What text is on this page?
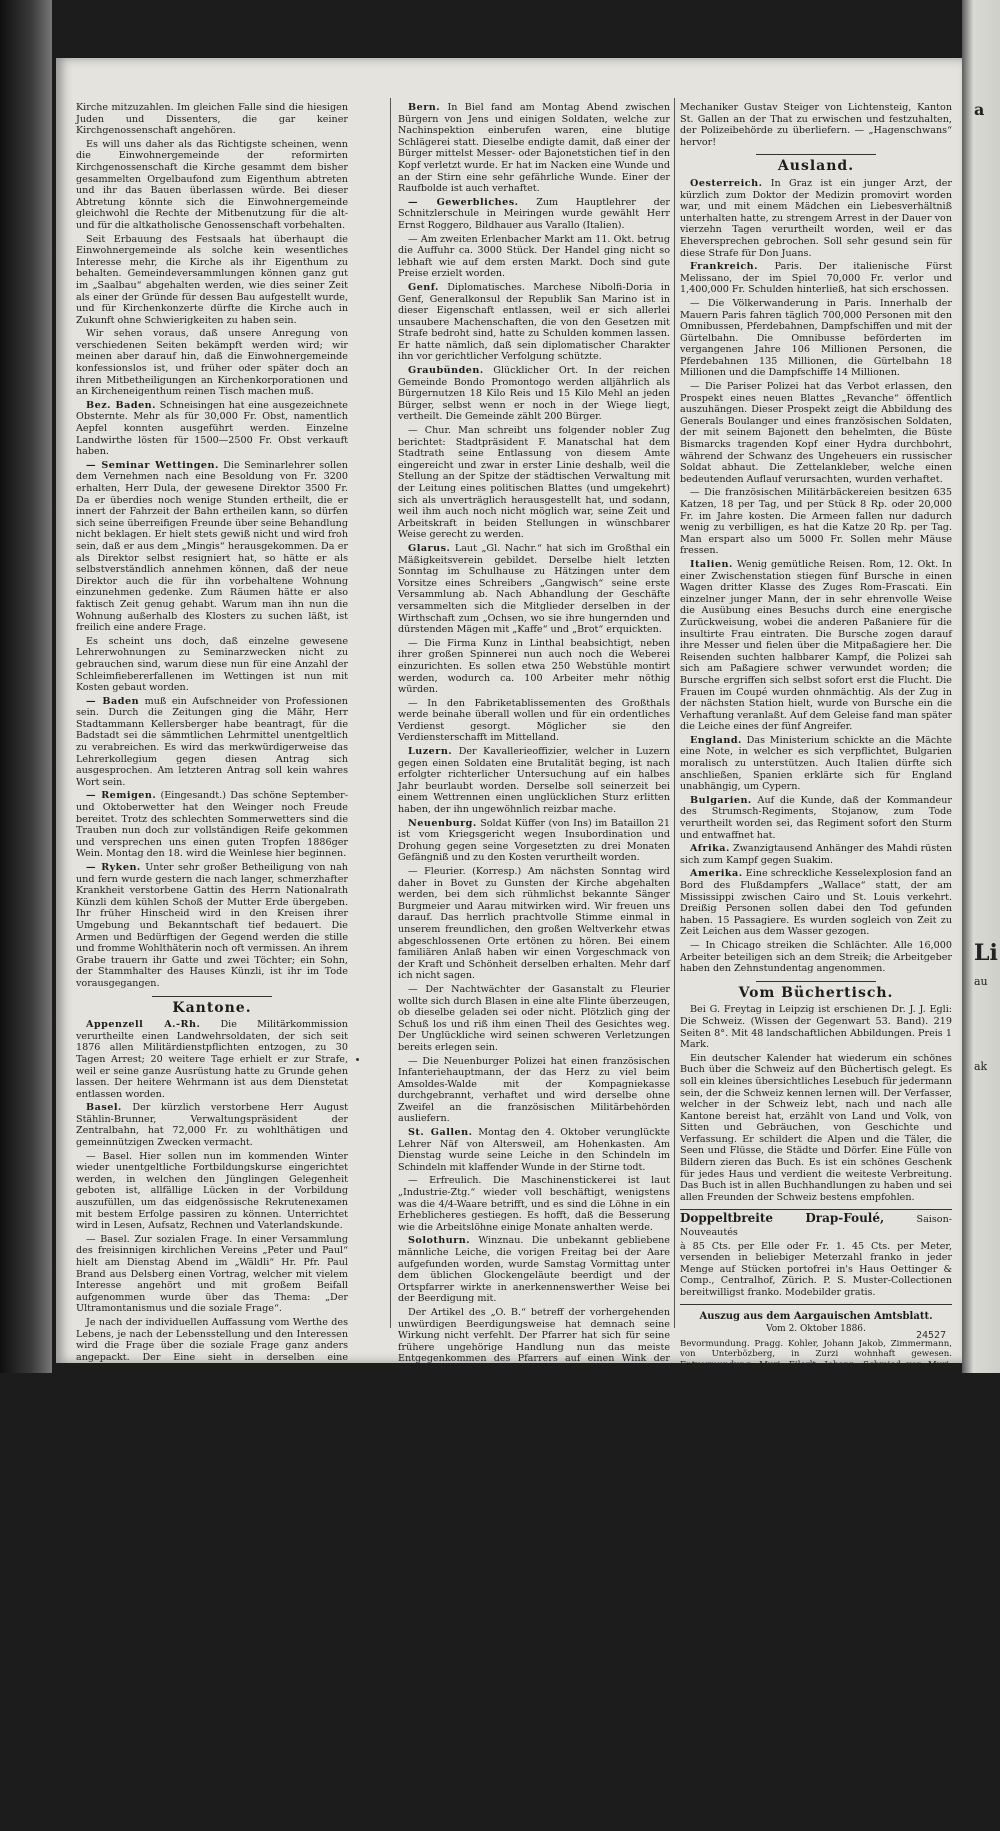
a
Li
au
ak

Kirche mitzuzahlen. Im gleichen Falle sind die hiesigen Juden und Dissenters, die gar keiner Kirchgenossenschaft angehören.

Es will uns daher als das Richtigste scheinen, wenn die Einwohnergemeinde der reformirten Kirchgenossenschaft die Kirche gesammt dem bisher gesammelten Orgelbaufond zum Eigenthum abtreten und ihr das Bauen überlassen würde. Bei dieser Abtretung könnte sich die Einwohnergemeinde gleichwohl die Rechte der Mitbenutzung für die alt- und für die altkatholische Genossenschaft vorbehalten.

Seit Erbauung des Festsaals hat überhaupt die Einwohnergemeinde als solche kein wesentliches Interesse mehr, die Kirche als ihr Eigenthum zu behalten. Gemeindeversammlungen können ganz gut im „Saalbau“ abgehalten werden, wie dies seiner Zeit als einer der Gründe für dessen Bau aufgestellt wurde, und für Kirchenkonzerte dürfte die Kirche auch in Zukunft ohne Schwierigkeiten zu haben sein.

Wir sehen voraus, daß unsere Anregung von verschiedenen Seiten bekämpft werden wird; wir meinen aber darauf hin, daß die Einwohnergemeinde konfessionslos ist, und früher oder später doch an ihren Mitbetheiligungen an Kirchenkorporationen und an Kircheneigenthum reinen Tisch machen muß.

Bez. Baden. Schneisingen hat eine ausgezeichnete Obsternte. Mehr als für 30,000 Fr. Obst, namentlich Aepfel konnten ausgeführt werden. Einzelne Landwirthe lösten für 1500—2500 Fr. Obst verkauft haben.

— Seminar Wettingen. Die Seminarlehrer sollen dem Vernehmen nach eine Besoldung von Fr. 3200 erhalten, Herr Dula, der gewesene Direktor 3500 Fr. Da er überdies noch wenige Stunden ertheilt, die er innert der Fahrzeit der Bahn ertheilen kann, so dürfen sich seine überreifigen Freunde über seine Behandlung nicht beklagen. Er hielt stets gewiß nicht und wird froh sein, daß er aus dem „Mingis“ herausgekommen. Da er als Direktor selbst resigniert hat, so hätte er als selbstverständlich annehmen können, daß der neue Direktor auch die für ihn vorbehaltene Wohnung einzunehmen gedenke. Zum Räumen hätte er also faktisch Zeit genug gehabt. Warum man ihn nun die Wohnung außerhalb des Klosters zu suchen läßt, ist freilich eine andere Frage.

Es scheint uns doch, daß einzelne gewesene Lehrerwohnungen zu Seminarzwecken nicht zu gebrauchen sind, warum diese nun für eine Anzahl der Schleimfiebererfallenen im Wettingen ist nun mit Kosten gebaut worden.

— Baden muß ein Aufschneider von Professionen sein. Durch die Zeitungen ging die Mähr, Herr Stadtammann Kellersberger habe beantragt, für die Badstadt sei die sämmtlichen Lehrmittel unentgeltlich zu verabreichen. Es wird das merkwürdigerweise das Lehrerkollegium gegen diesen Antrag sich ausgesprochen. Am letzteren Antrag soll kein wahres Wort sein.

— Remigen. (Eingesandt.) Das schöne September- und Oktoberwetter hat den Weinger noch Freude bereitet. Trotz des schlechten Sommerwetters sind die Trauben nun doch zur vollständigen Reife gekommen und versprechen uns einen guten Tropfen 1886ger Wein. Montag den 18. wird die Weinlese hier beginnen.

— Ryken. Unter sehr großer Betheiligung von nah und fern wurde gestern die nach langer, schmerzhafter Krankheit verstorbene Gattin des Herrn Nationalrath Künzli dem kühlen Schoß der Mutter Erde übergeben. Ihr früher Hinscheid wird in den Kreisen ihrer Umgebung und Bekanntschaft tief bedauert. Die Armen und Bedürftigen der Gegend werden die stille und fromme Wohlthäterin noch oft vermissen. An ihrem Grabe trauern ihr Gatte und zwei Töchter; ein Sohn, der Stammhalter des Hauses Künzli, ist ihr im Tode vorausgegangen.

Kantone.

Appenzell A.-Rh. Die Militärkommission verurtheilte einen Landwehrsoldaten, der sich seit 1876 allen Militärdienstpflichten entzogen, zu 30 Tagen Arrest; 20 weitere Tage erhielt er zur Strafe, weil er seine ganze Ausrüstung hatte zu Grunde gehen lassen. Der heitere Wehrmann ist aus dem Dienstetat entlassen worden.

Basel. Der kürzlich verstorbene Herr August Stählin-Brunner, Verwaltungspräsident der Zentralbahn, hat 72,000 Fr. zu wohlthätigen und gemeinnützigen Zwecken vermacht.

— Basel. Hier sollen nun im kommenden Winter wieder unentgeltliche Fortbildungskurse eingerichtet werden, in welchen den Jünglingen Gelegenheit geboten ist, allfällige Lücken in der Vorbildung auszufüllen, um das eidgenössische Rekrutenexamen mit bestem Erfolge passiren zu können. Unterrichtet wird in Lesen, Aufsatz, Rechnen und Vaterlandskunde.

— Basel. Zur sozialen Frage. In einer Versammlung des freisinnigen kirchlichen Vereins „Peter und Paul“ hielt am Dienstag Abend im „Wäldli“ Hr. Pfr. Paul Brand aus Delsberg einen Vortrag, welcher mit vielem Interesse angehört und mit großem Beifall aufgenommen wurde über das Thema: „Der Ultramontanismus und die soziale Frage“.

Je nach der individuellen Auffassung vom Werthe des Lebens, je nach der Lebensstellung und den Interessen wird die Frage über die soziale Frage ganz anders angepackt. Der Eine sieht in derselben eine Magenfrage, der Andere eine ideale Frage; der Arbeiter faßt sie als Arbeiterfrage, der Volkswirthschafter als wirthschaftliche Frage, der Staatsmann als politische Frage, der Schulmann als Erziehungsfrage, der Theologe als kirchliche Frage auf. Es ist wieder das Eine noch das Andere ausschließlich, sondern sie ist Alles in Allem. Vom Ultramontanismus hat man diese Frage am wenigsten erwartet, Umgestaltung der Gesellschaft, jener konservative Festhalten am Alten bedeutet.

In der Diskussion wies Hr. RR. Dr. Brenner nach, daß die heutige soziale Frage nicht bloß eine solche sei, sondern vor allen Dingen eine wirthschaftliche Frage sei. Er konstatirte, daß die ultramontane Partei unter der Flagge des Sozialismus in verschiedenen Ländern, so namentlich in Deutschland und Oesterreich, auch in einigen Kantonen der Schweiz, wie Tessin, Aargau, Freiburg u. s. w., in Stellen der Herren Sozialisten begriffen ist. Redner glaubt nicht an die Aufrichtigkeit der Ultramontanen Sozialpolitiker. Die Kirche kann in dieser Frage nicht viel leisten. Er rief dann die Mithülfe aller freisinnigen Elemente zur Lösung dieser Frage auf; es sei ein Gebot, daß die römische Hierarchie will die ihr vorwiegend wirthschaftliche Frage, wie die Reformation, für sich ausnützen, so daß auch die Arbeiterfreudigkeit und Freisinnigkeit der römischen Geistlichkeit, indem er das Tischgespräch meines Herrn mit denjenigen christlichen Herrn an die Ausstellung in Bregenz mittheilt. „Die Botschaft hör’ ich wohl, allein mir fehlt der Glaube.“ (Bas. Nachr.)

Baselland. Auch ein Geschäft. Ein Spitzbube, festlich gekleidet, suchte letzthin das obere Baselbiet ab, um einen Hausirer für seinen Neuzeitereien zu gewinnen, welches er im Wahrheit in Spekulation hatte. Das Geschäft mit Schwung und Nahrung betrieben, kam in's Blühen, wie denn Polizeihandlungen entdeckt worden ist, so hätte er von dem letzten „Familienvater“ die Taufe zu ermöglichen. Der Mann arbeitet aber nun im Schatten des Gefängnisses!

Bern. In Biel fand am Montag Abend zwischen Bürgern von Jens und einigen Soldaten, welche zur Nachinspektion einberufen waren, eine blutige Schlägerei statt. Dieselbe endigte damit, daß einer der Bürger mittelst Messer- oder Bajonetstichen tief in den Kopf verletzt wurde. Er hat im Nacken eine Wunde und an der Stirn eine sehr gefährliche Wunde. Einer der Raufbolde ist auch verhaftet.

— Gewerbliches. Zum Hauptlehrer der Schnitzlerschule in Meiringen wurde gewählt Herr Ernst Roggero, Bildhauer aus Varallo (Italien).

— Am zweiten Erlenbacher Markt am 11. Okt. betrug die Auffuhr ca. 3000 Stück. Der Handel ging nicht so lebhaft wie auf dem ersten Markt. Doch sind gute Preise erzielt worden.

Genf. Diplomatisches. Marchese Nibolfi-Doria in Genf, Generalkonsul der Republik San Marino ist in dieser Eigenschaft entlassen, weil er sich allerlei unsaubere Machenschaften, die von den Gesetzen mit Strafe bedroht sind, hatte zu Schulden kommen lassen. Er hatte nämlich, daß sein diplomatischer Charakter ihn vor gerichtlicher Verfolgung schützte.

Graubünden. Glücklicher Ort. In der reichen Gemeinde Bondo Promontogo werden alljährlich als Bürgernutzen 18 Kilo Reis und 15 Kilo Mehl an jeden Bürger, selbst wenn er noch in der Wiege liegt, vertheilt. Die Gemeinde zählt 200 Bürger.

— Chur. Man schreibt uns folgender nobler Zug berichtet: Stadtpräsident F. Manatschal hat dem Stadtrath seine Entlassung von diesem Amte eingereicht und zwar in erster Linie deshalb, weil die Stellung an der Spitze der städtischen Verwaltung mit der Leitung eines politischen Blattes (und umgekehrt) sich als unverträglich herausgestellt hat, und sodann, weil ihm auch noch nicht möglich war, seine Zeit und Arbeitskraft in beiden Stellungen in wünschbarer Weise gerecht zu werden.

Glarus. Laut „Gl. Nachr.“ hat sich im Großthal ein Mäßigkeitsverein gebildet. Derselbe hielt letzten Sonntag im Schulhause zu Hätzingen unter dem Vorsitze eines Schreibers „Gangwisch“ seine erste Versammlung ab. Nach Abhandlung der Geschäfte versammelten sich die Mitglieder derselben in der Wirthschaft zum „Ochsen, wo sie ihre hungernden und dürstenden Mägen mit „Kaffe“ und „Brot“ erquickten.

— Die Firma Kunz in Linthal beabsichtigt, neben ihrer großen Spinnerei nun auch noch die Weberei einzurichten. Es sollen etwa 250 Webstühle montirt werden, wodurch ca. 100 Arbeiter mehr nöthig würden.

— In den Fabriketablissementen des Großthals werde beinahe überall wollen und für ein ordentliches Verdienst gesorgt. Möglicher sie den Verdiensterschafft im Mittelland.

Luzern. Der Kavallerieoffizier, welcher in Luzern gegen einen Soldaten eine Brutalität beging, ist nach erfolgter richterlicher Untersuchung auf ein halbes Jahr beurlaubt worden. Derselbe soll seinerzeit bei einem Wettrennen einen unglücklichen Sturz erlitten haben, der ihn ungewöhnlich reizbar mache.

Neuenburg. Soldat Küffer (von Ins) im Bataillon 21 ist vom Kriegsgericht wegen Insubordination und Drohung gegen seine Vorgesetzten zu drei Monaten Gefängniß und zu den Kosten verurtheilt worden.

— Fleurier. (Korresp.) Am nächsten Sonntag wird daher in Bovet zu Gunsten der Kirche abgehalten werden, bei dem sich rühmlichst bekannte Sänger Burgmeier und Aarau mitwirken wird. Wir freuen uns darauf. Das herrlich prachtvolle Stimme einmal in unserem freundlichen, den großen Weltverkehr etwas abgeschlossenen Orte ertönen zu hören. Bei einem familiären Anlaß haben wir einen Vorgeschmack von der Kraft und Schönheit derselben erhalten. Mehr darf ich nicht sagen.

— Der Nachtwächter der Gasanstalt zu Fleurier wollte sich durch Blasen in eine alte Flinte überzeugen, ob dieselbe geladen sei oder nicht. Plötzlich ging der Schuß los und riß ihm einen Theil des Gesichtes weg. Der Unglückliche wird seinen schweren Verletzungen bereits erlegen sein.

— Die Neuenburger Polizei hat einen französischen Infanteriehauptmann, der das Herz zu viel beim Amsoldes-Walde mit der Kompagniekasse durchgebrannt, verhaftet und wird derselbe ohne Zweifel an die französischen Militärbehörden ausliefern.

St. Gallen. Montag den 4. Oktober verunglückte Lehrer Näf von Altersweil, am Hohenkasten. Am Dienstag wurde seine Leiche in den Schindeln im Schindeln mit klaffender Wunde in der Stirne todt.

— Erfreulich. Die Maschinenstickerei ist laut „Industrie-Ztg.“ wieder voll beschäftigt, wenigstens was die 4/4-Waare betrifft, und es sind die Löhne in ein Erheblicheres gestiegen. Es hofft, daß die Besserung wie die Arbeitslöhne einige Monate anhalten werde.

Solothurn. Winznau. Die unbekannt gebliebene männliche Leiche, die vorigen Freitag bei der Aare aufgefunden worden, wurde Samstag Vormittag unter dem üblichen Glockengeläute beerdigt und der Ortspfarrer wirkte in anerkennenswerther Weise bei der Beerdigung mit.

Der Artikel des „O. B.“ betreff der vorhergehenden unwürdigen Beerdigungsweise hat demnach seine Wirkung nicht verfehlt. Der Pfarrer hat sich für seine frühere ungehörige Handlung nun das meiste Entgegenkommen des Pfarrers auf einen Wink der bischöflichen Kanzlei in Solothurn zurückführen.

— Olten. Es ändern sich die Zeiten. Das frühere Kaplaneigebäude und zuletzt Amtschreiberei wird nun in eine Metzgerei umgewandelt.

Waadt. Die Kaffeewirthe in Lausanne haben beschlossen, den neuen Wein zu 70 Rp. per Liter auszuschenken.

Zürich. Die Zahl der Schüler der Alltagsschule beträgt 37,755, davon 18,766 Knaben und 18,993 Mädchen. Ergänzungsschüler 4199 Knaben, 5899 Mädchen; Sekundarschüler 2812 Knaben, 1564 Mädchen. Die Zahl der Schulen beträgt 424, wovon 370 Primarschulen ungetheilt. Von der Primarschulen mit 27 Abtheilungen haben 254 nur je einen Lehrer. Von den 254 ungetheilten Primarschulen hatten im Jahre 1885/86 je 13 unter 20 Schüler, 28 über 71, hatten je 14 über 80, 8 sogar über 90. Die Gesammtlehrerzahl der Primarschulen beträgt 686, darunter 50 Lehrerinnen.

Die Zahl der freiwilligen Fortbildungsschulen beträgt 104 mit ca. 2500 Schülern, jene der Sekundarschulen 94, davon 21 über 15 Jahre.

— Das Schulhaus, welches in der Nacht vom 28. auf den 29. September in Hüntern den Nord an der alten Hauslereien Berg gelegen, ist dem 30jährigen Heinrich Gottschall, Taglöhner von Steinmaur, entdeckt und bereits zum Geständniß gebracht worden.

— Zürich. Schon wiederholt, berichtet Gerichtsaal, wurden im Laufe dieses Sommers Klagen über Individuen laut, die in öffentlichen Anlagen gegenüber Kindern Vergehen gegen die Sittlichkeit verübten. Einer derselben konnte nun der Polizei überliefert werden, ein solches Individuum in flagranti ertappt. — Ein letzter soll es in der Kiegel faßen, welche die Sittlichkeitsverbrechen zu sühnen.

Vorigen Montag Nachmittag gab es einige Privatpersonen, in den Anlagen des Lindenhofes den fünfundzwanzig Jahre alten

Mechaniker Gustav Steiger von Lichtensteig, Kanton St. Gallen an der That zu erwischen und festzuhalten, der Polizeibehörde zu überliefern. — „Hagenschwans“ hervor!

Ausland.

Oesterreich. In Graz ist ein junger Arzt, der kürzlich zum Doktor der Medizin promovirt worden war, und mit einem Mädchen ein Liebesverhältniß unterhalten hatte, zu strengem Arrest in der Dauer von vierzehn Tagen verurtheilt worden, weil er das Eheversprechen gebrochen. Soll sehr gesund sein für diese Strafe für Don Juans.

Frankreich. Paris. Der italienische Fürst Melissano, der im Spiel 70,000 Fr. verlor und 1,400,000 Fr. Schulden hinterließ, hat sich erschossen.

— Die Völkerwanderung in Paris. Innerhalb der Mauern Paris fahren täglich 700,000 Personen mit den Omnibussen, Pferdebahnen, Dampfschiffen und mit der Gürtelbahn. Die Omnibusse beförderten im vergangenen Jahre 106 Millionen Personen, die Pferdebahnen 135 Millionen, die Gürtelbahn 18 Millionen und die Dampfschiffe 14 Millionen.

— Die Pariser Polizei hat das Verbot erlassen, den Prospekt eines neuen Blattes „Revanche“ öffentlich auszuhängen. Dieser Prospekt zeigt die Abbildung des Generals Boulanger und eines französischen Soldaten, der mit seinem Bajonett den behelmten, die Büste Bismarcks tragenden Kopf einer Hydra durchbohrt, während der Schwanz des Ungeheuers ein russischer Soldat abhaut. Die Zettelankleber, welche einen bedeutenden Auflauf verursachten, wurden verhaftet.

— Die französischen Militärbäckereien besitzen 635 Katzen, 18 per Tag, und per Stück 8 Rp. oder 20,000 Fr. im Jahre kosten. Die Armeen fallen nur dadurch wenig zu verbilligen, es hat die Katze 20 Rp. per Tag. Man erspart also um 5000 Fr. Sollen mehr Mäuse fressen.

Italien. Wenig gemütliche Reisen. Rom, 12. Okt. In einer Zwischenstation stiegen fünf Bursche in einen Wagen dritter Klasse des Zuges Rom-Frascati. Ein einzelner junger Mann, der in sehr ehrenvolle Weise die Ausübung eines Besuchs durch eine energische Zurückweisung, wobei die anderen Paßaniere für die insultirte Frau eintraten. Die Bursche zogen darauf ihre Messer und fielen über die Mitpaßagiere her. Die Reisenden suchten halbbarer Kampf, die Polizei sah sich am Paßagiere schwer verwundet worden; die Bursche ergriffen sich selbst sofort erst die Flucht. Die Frauen im Coupé wurden ohnmächtig. Als der Zug in der nächsten Station hielt, wurde von Bursche ein die Verhaftung veranlaßt. Auf dem Geleise fand man später die Leiche eines der fünf Angreifer.

England. Das Ministerium schickte an die Mächte eine Note, in welcher es sich verpflichtet, Bulgarien moralisch zu unterstützen. Auch Italien dürfte sich anschließen, Spanien erklärte sich für England unabhängig, um Cypern.

Bulgarien. Auf die Kunde, daß der Kommandeur des Strumsch-Regiments, Stojanow, zum Tode verurtheilt worden sei, das Regiment sofort den Sturm und entwaffnet hat.

Afrika. Zwanzigtausend Anhänger des Mahdi rüsten sich zum Kampf gegen Suakim.

Amerika. Eine schreckliche Kesselexplosion fand an Bord des Flußdampfers „Wallace“ statt, der am Mississippi zwischen Cairo und St. Louis verkehrt. Dreißig Personen sollen dabei den Tod gefunden haben. 15 Passagiere. Es wurden sogleich von Zeit zu Zeit Leichen aus dem Wasser gezogen.

— In Chicago streiken die Schlächter. Alle 16,000 Arbeiter beteiligen sich an dem Streik; die Arbeitgeber haben den Zehnstundentag angenommen.

Vom Büchertisch.

Bei G. Freytag in Leipzig ist erschienen Dr. J. J. Egli: Die Schweiz. (Wissen der Gegenwart 53. Band). 219 Seiten 8°. Mit 48 landschaftlichen Abbildungen. Preis 1 Mark.

Ein deutscher Kalender hat wiederum ein schönes Buch über die Schweiz auf den Büchertisch gelegt. Es soll ein kleines übersichtliches Lesebuch für jedermann sein, der die Schweiz kennen lernen will. Der Verfasser, welcher in der Schweiz lebt, nach und nach alle Kantone bereist hat, erzählt von Land und Volk, von Sitten und Gebräuchen, von Geschichte und Verfassung. Er schildert die Alpen und die Täler, die Seen und Flüsse, die Städte und Dörfer. Eine Fülle von Bildern zieren das Buch. Es ist ein schönes Geschenk für jedes Haus und verdient die weiteste Verbreitung. Das Buch ist in allen Buchhandlungen zu haben und sei allen Freunden der Schweiz bestens empfohlen.

Doppeltbreite Drap-Foulé,	Saison-Nouveautés

à 85 Cts. per Elle oder Fr. 1. 45 Cts. per Meter, versenden in beliebiger Meterzahl franko in jeder Menge auf Stücken portofrei in's Haus Oettinger & Comp., Centralhof, Zürich. P. S. Muster-Collectionen bereitwilligst franko. Modebilder gratis.

Auszug aus dem Aargauischen Amtsblatt.
Vom 2. Oktober 1886.

Bevormundung. Pragg. Kohler, Johann Jakob, Zimmermann, von Unterbözberg, in Zurzi wohnhaft gewesen. Entvormundung. Muri. Eilerlt, Johann, Schmied von Muri-Wey. Schuldner- und Geltstagsangelegenheiten. Pragg. Koppeis, Anna geb. Hofmann, Friedrich, Schreiner von Wettingen. Eingaben bis 10. November. Zofingen. Schwarz, Friedrich, von Lenzburg, Kaufmann, gewesener Bierbrauer und Wirth auf dem Rößli in Oftringen. Eingaben bis 20. November. Geldstags-Rückrufe. Baden. Ruf, Johann, von Wettingen. Vergantungen. Bremgarten. Geißmann, Gottfried, Fabrikant, in Wohlen. Zofingen. Leuthard, Anton, Bäcker. Rehabilitationen. Aarau. Plattner, Rudolf, Wachtmeister. Johann, von Rüttigen. Zofingen. Fehlmann, Hermann, Gottlieb, Viehhändler in Wittwil.

Witterungsbeobachtungen.

Pariser Observatorium vom 15. Oktober Neues Steigen des Barometers. Aussichten auf Wind aus den Ostregionen, bewölkten Himmel, einige Niederschläge bei bisheriger Temperatur.

24527
